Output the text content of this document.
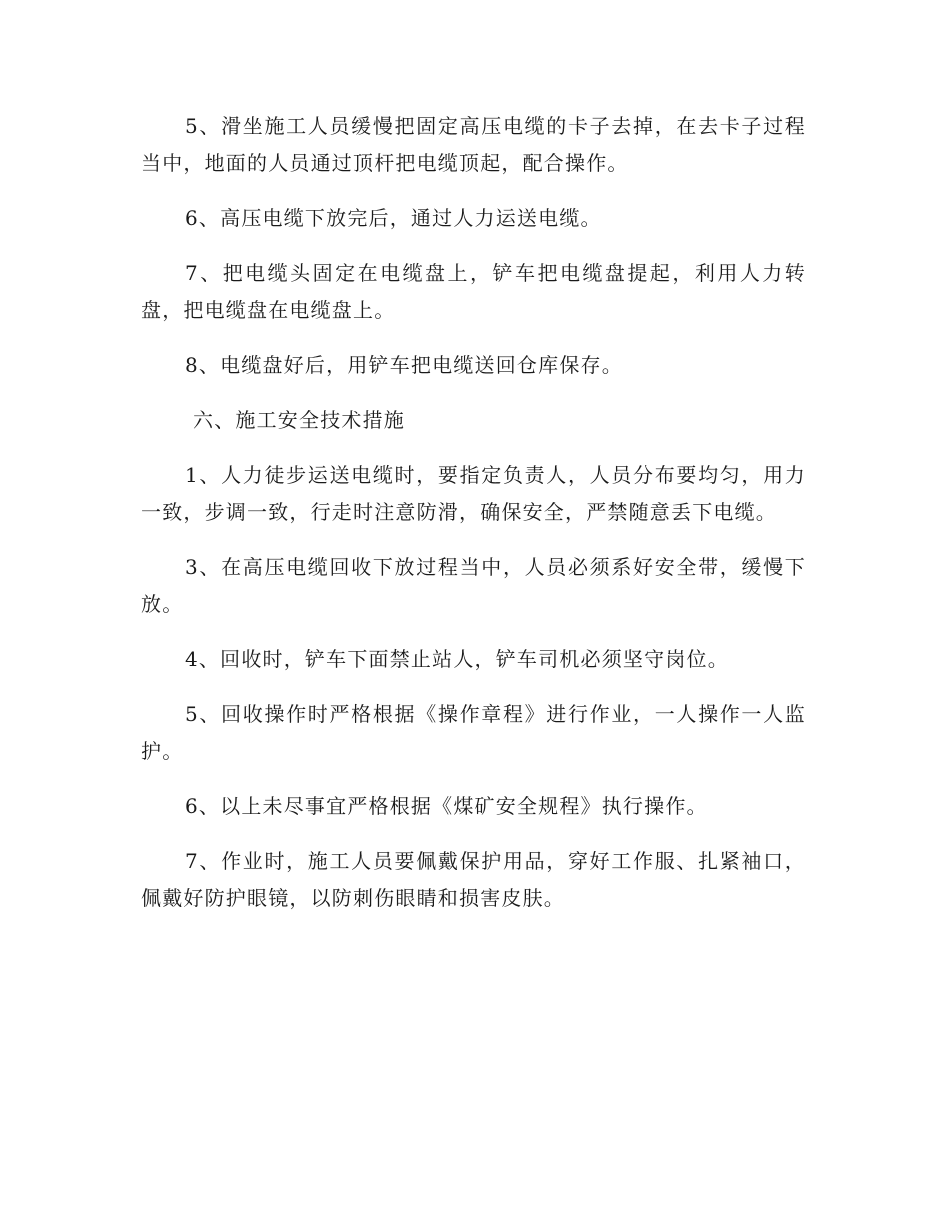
5、滑坐施工人员缓慢把固定高压电缆的卡子去掉，在去卡子过程当中，地面的人员通过顶杆把电缆顶起，配合操作。

6、高压电缆下放完后，通过人力运送电缆。

7、把电缆头固定在电缆盘上，铲车把电缆盘提起，利用人力转盘，把电缆盘在电缆盘上。

8、电缆盘好后，用铲车把电缆送回仓库保存。

六、施工安全技术措施

1、人力徒步运送电缆时，要指定负责人，人员分布要均匀，用力一致，步调一致，行走时注意防滑，确保安全，严禁随意丢下电缆。

3、在高压电缆回收下放过程当中，人员必须系好安全带，缓慢下放。

4、回收时，铲车下面禁止站人，铲车司机必须坚守岗位。

5、回收操作时严格根据《操作章程》进行作业，一人操作一人监护。

6、以上未尽事宜严格根据《煤矿安全规程》执行操作。

7、作业时，施工人员要佩戴保护用品，穿好工作服、扎紧袖口，佩戴好防护眼镜，以防刺伤眼睛和损害皮肤。
